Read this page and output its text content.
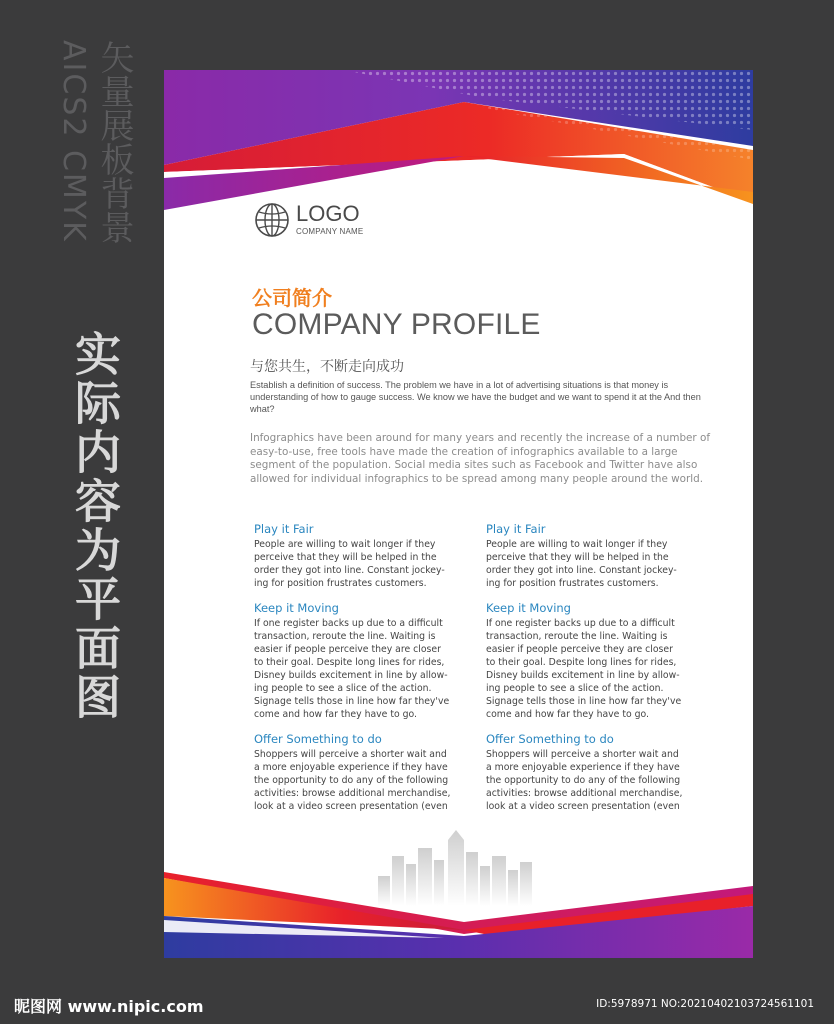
矢量展板背景
AICS2 CMYK
实际内容为平面图
LOGO
COMPANY NAME
公司简介
COMPANY PROFILE
与您共生，不断走向成功
Establish a definition of success. The problem we have in a lot of advertising situations is that money is understanding of how to gauge success. We know we have the budget and we want to spend it at the And then what?
Infographics have been around for many years and recently the increase of a number of easy-to-use, free tools have made the creation of infographics available to a large segment of the population. Social media sites such as Facebook and Twitter have also allowed for individual infographics to be spread among many people around the world.
Play it Fair
People are willing to wait longer if they
perceive that they will be helped in the
order they got into line. Constant jockey-
ing for position frustrates customers.
Keep it Moving
If one register backs up due to a difficult
transaction, reroute the line. Waiting is
easier if people perceive they are closer
to their goal. Despite long lines for rides,
Disney builds excitement in line by allow-
ing people to see a slice of the action.
Signage tells those in line how far they've
come and how far they have to go.
Offer Something to do
Shoppers will perceive a shorter wait and
a more enjoyable experience if they have
the opportunity to do any of the following
activities: browse additional merchandise,
look at a video screen presentation (even
Play it Fair
People are willing to wait longer if they
perceive that they will be helped in the
order they got into line. Constant jockey-
ing for position frustrates customers.
Keep it Moving
If one register backs up due to a difficult
transaction, reroute the line. Waiting is
easier if people perceive they are closer
to their goal. Despite long lines for rides,
Disney builds excitement in line by allow-
ing people to see a slice of the action.
Signage tells those in line how far they've
come and how far they have to go.
Offer Something to do
Shoppers will perceive a shorter wait and
a more enjoyable experience if they have
the opportunity to do any of the following
activities: browse additional merchandise,
look at a video screen presentation (even
昵图网 www.nipic.com	ID:5978971 NO:20210402103724561101
